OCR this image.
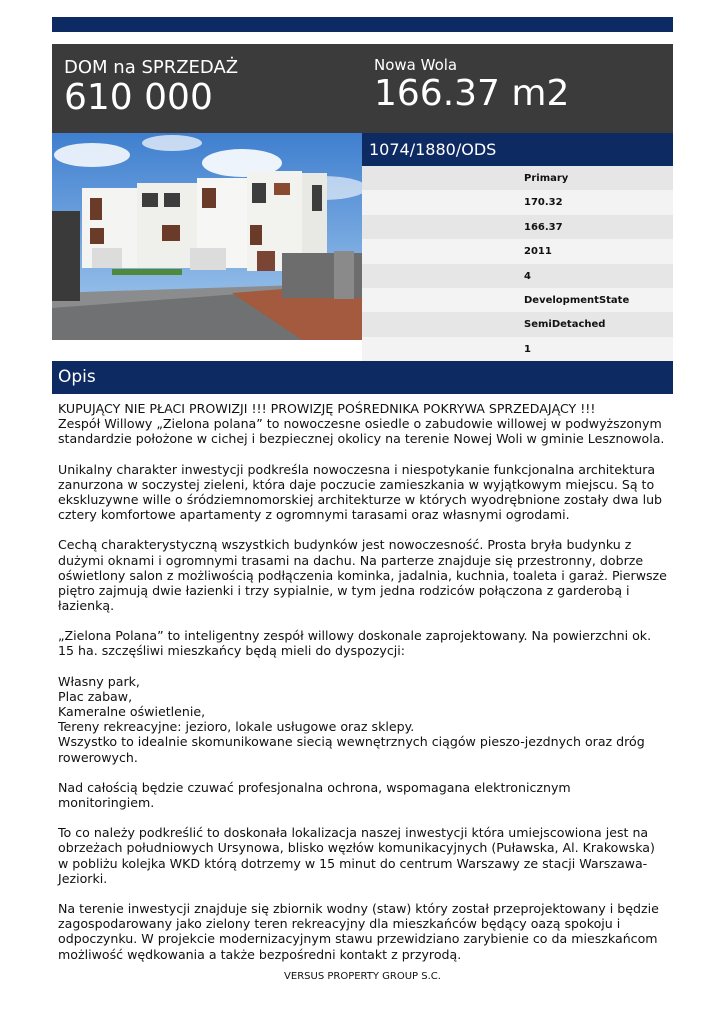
DOM na SPRZEDAŻ
610 000
Nowa Wola
166.37 m2
1074/1880/ODS
Primary
170.32
166.37
2011
4
DevelopmentState
SemiDetached
1
Opis

KUPUJĄCY NIE PŁACI PROWIZJI !!! PROWIZJĘ POŚREDNIKA POKRYWA SPRZEDAJĄCY !!!
Zespół Willowy „Zielona polana” to nowoczesne osiedle o zabudowie willowej w podwyższonym standardzie położone w cichej i bezpiecznej okolicy na terenie Nowej Woli w gminie Lesznowola.

Unikalny charakter inwestycji podkreśla nowoczesna i niespotykanie funkcjonalna architektura zanurzona w soczystej zieleni, która daje poczucie zamieszkania w wyjątkowym miejscu. Są to ekskluzywne wille o śródziemnomorskiej architekturze w których wyodrębnione zostały dwa lub cztery komfortowe apartamenty z ogromnymi tarasami oraz własnymi ogrodami.

Cechą charakterystyczną wszystkich budynków jest nowoczesność. Prosta bryła budynku z dużymi oknami i ogromnymi trasami na dachu. Na parterze znajduje się przestronny, dobrze oświetlony salon z możliwością podłączenia kominka, jadalnia, kuchnia, toaleta i garaż. Pierwsze piętro zajmują dwie łazienki i trzy sypialnie, w tym jedna rodziców połączona z garderobą i łazienką.

„Zielona Polana” to inteligentny zespół willowy doskonale zaprojektowany. Na powierzchni ok. 15 ha. szczęśliwi mieszkańcy będą mieli do dyspozycji:

Własny park,
Plac zabaw,
Kameralne oświetlenie,
Tereny rekreacyjne: jezioro, lokale usługowe oraz sklepy.
Wszystko to idealnie skomunikowane siecią wewnętrznych ciągów pieszo-jezdnych oraz dróg rowerowych.

Nad całością będzie czuwać profesjonalna ochrona, wspomagana elektronicznym monitoringiem.

To co należy podkreślić to doskonała lokalizacja naszej inwestycji która umiejscowiona jest na obrzeżach południowych Ursynowa, blisko węzłów komunikacyjnych (Puławska, Al. Krakowska) w pobliżu kolejka WKD którą dotrzemy w 15 minut do centrum Warszawy ze stacji Warszawa-Jeziorki.

Na terenie inwestycji znajduje się zbiornik wodny (staw) który został przeprojektowany i będzie zagospodarowany jako zielony teren rekreacyjny dla mieszkańców będący oazą spokoju i odpoczynku. W projekcie modernizacyjnym stawu przewidziano zarybienie co da mieszkańcom możliwość wędkowania a także bezpośredni kontakt z przyrodą.

VERSUS PROPERTY GROUP S.C.
